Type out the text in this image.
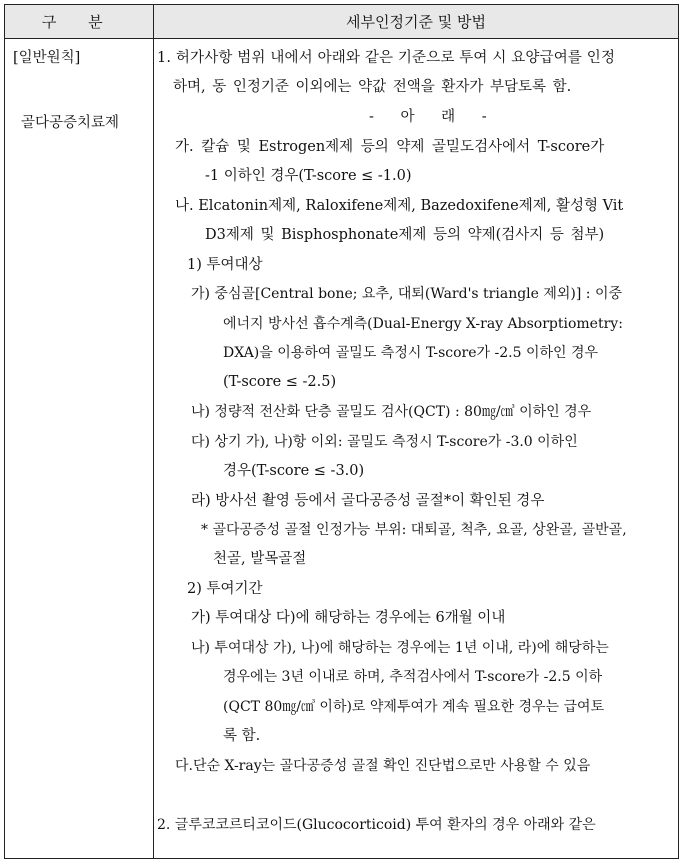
구 분	세부인정기준 및 방법
[일반원칙]
골다공증치료제
1. 허가사항 범위 내에서 아래와 같은 기준으로 투여 시 요양급여를 인정
하며, 동 인정기준 이외에는 약값 전액을 환자가 부담토록 함.
- 아 래 -
가. 칼슘 및 Estrogen제제 등의 약제 골밀도검사에서 T-score가
-1 이하인 경우(T-score ≤ -1.0)
나. Elcatonin제제, Raloxifene제제, Bazedoxifene제제, 활성형 Vit
D3제제 및 Bisphosphonate제제 등의 약제(검사지 등 첨부)
1) 투여대상
가) 중심골[Central bone; 요추, 대퇴(Ward's triangle 제외)] : 이중
에너지 방사선 흡수계측(Dual-Energy X-ray Absorptiometry:
DXA)을 이용하여 골밀도 측정시 T-score가 -2.5 이하인 경우
(T-score ≤ -2.5)
나) 정량적 전산화 단층 골밀도 검사(QCT) : 80㎎/㎤ 이하인 경우
다) 상기 가), 나)항 이외: 골밀도 측정시 T-score가 -3.0 이하인
경우(T-score ≤ -3.0)
라) 방사선 촬영 등에서 골다공증성 골절*이 확인된 경우
* 골다공증성 골절 인정가능 부위: 대퇴골, 척추, 요골, 상완골, 골반골,
천골, 발목골절
2) 투여기간
가) 투여대상 다)에 해당하는 경우에는 6개월 이내
나) 투여대상 가), 나)에 해당하는 경우에는 1년 이내, 라)에 해당하는
경우에는 3년 이내로 하며, 추적검사에서 T-score가 -2.5 이하
(QCT 80㎎/㎤ 이하)로 약제투여가 계속 필요한 경우는 급여토
록 함.
다.단순 X-ray는 골다공증성 골절 확인 진단법으로만 사용할 수 있음
2. 글루코코르티코이드(Glucocorticoid) 투여 환자의 경우 아래와 같은
